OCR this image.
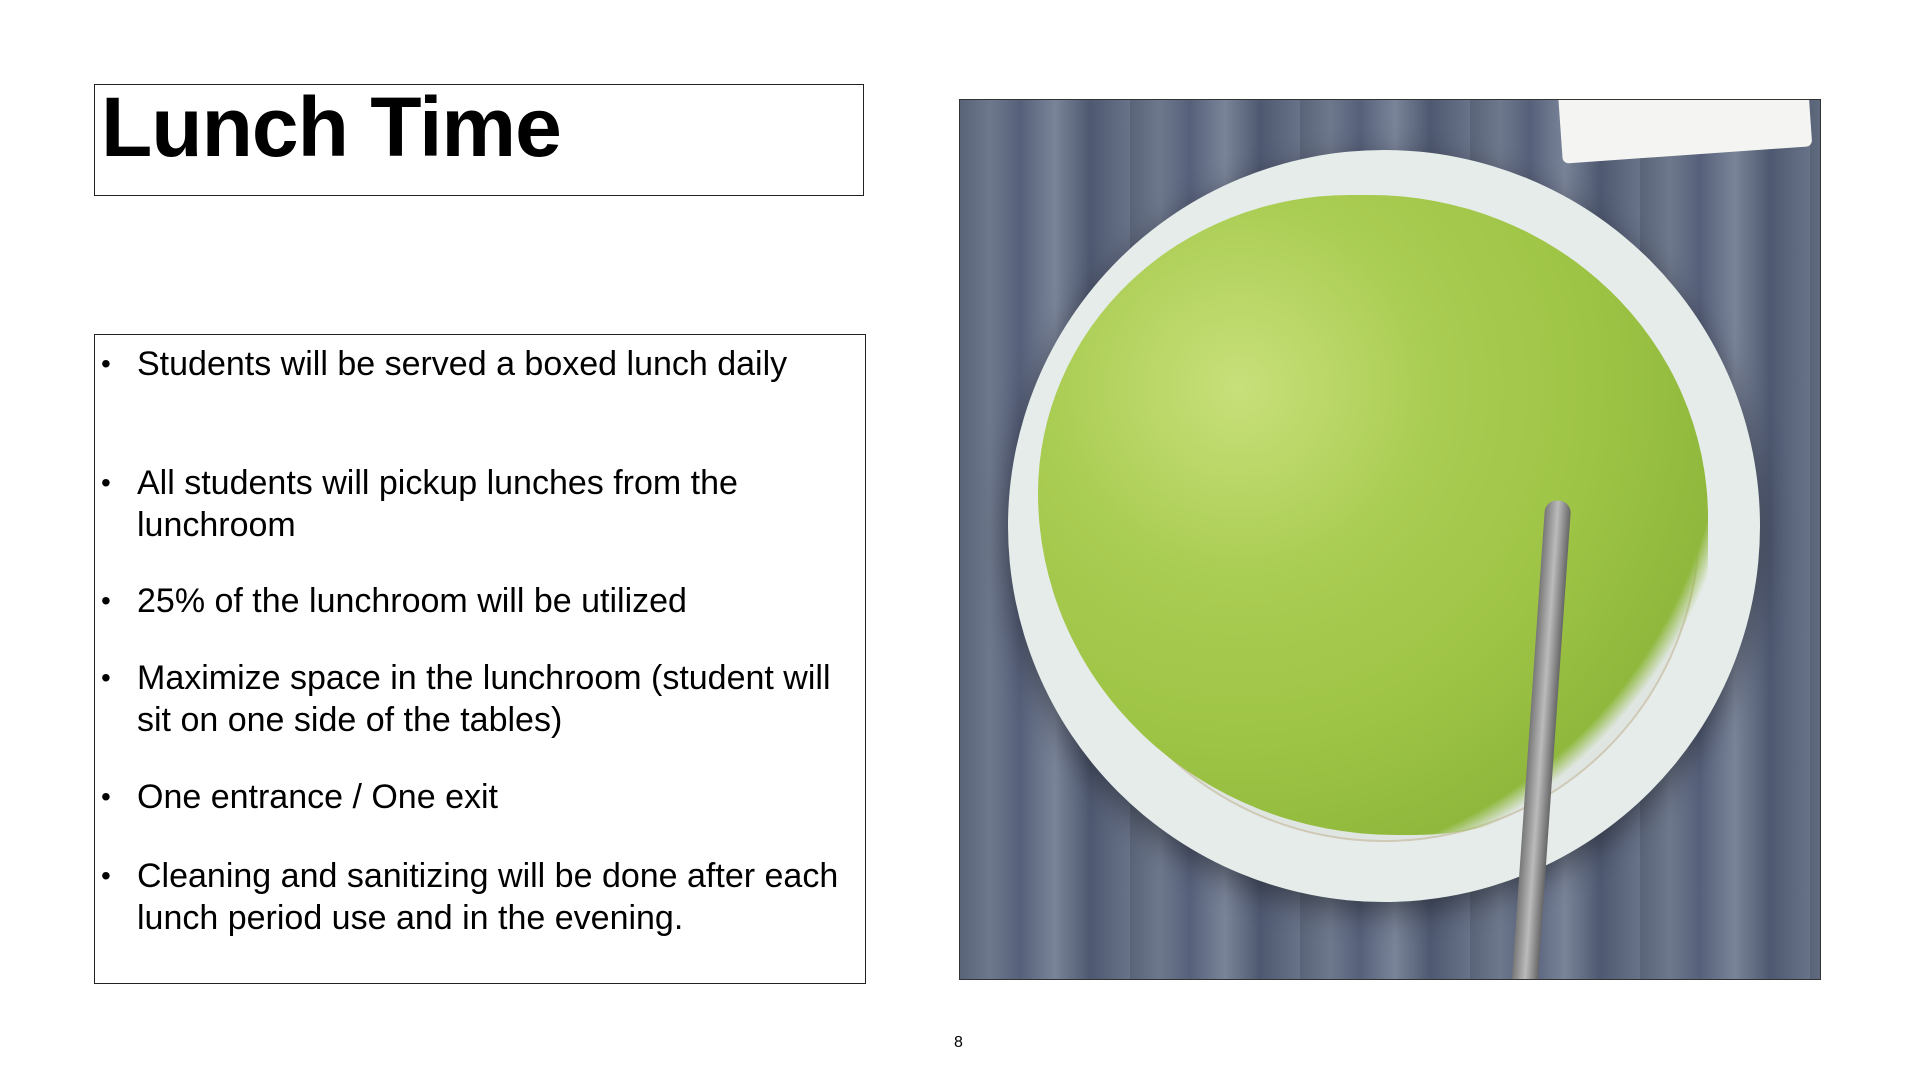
Lunch Time
• Students will be served a boxed lunch daily
• All students will pickup lunches from the lunchroom
• 25% of the lunchroom will be utilized
• Maximize space in the lunchroom (student will sit on one side of the tables)
• One entrance / One exit
• Cleaning and sanitizing will be done after each lunch period use and in the evening.
8
